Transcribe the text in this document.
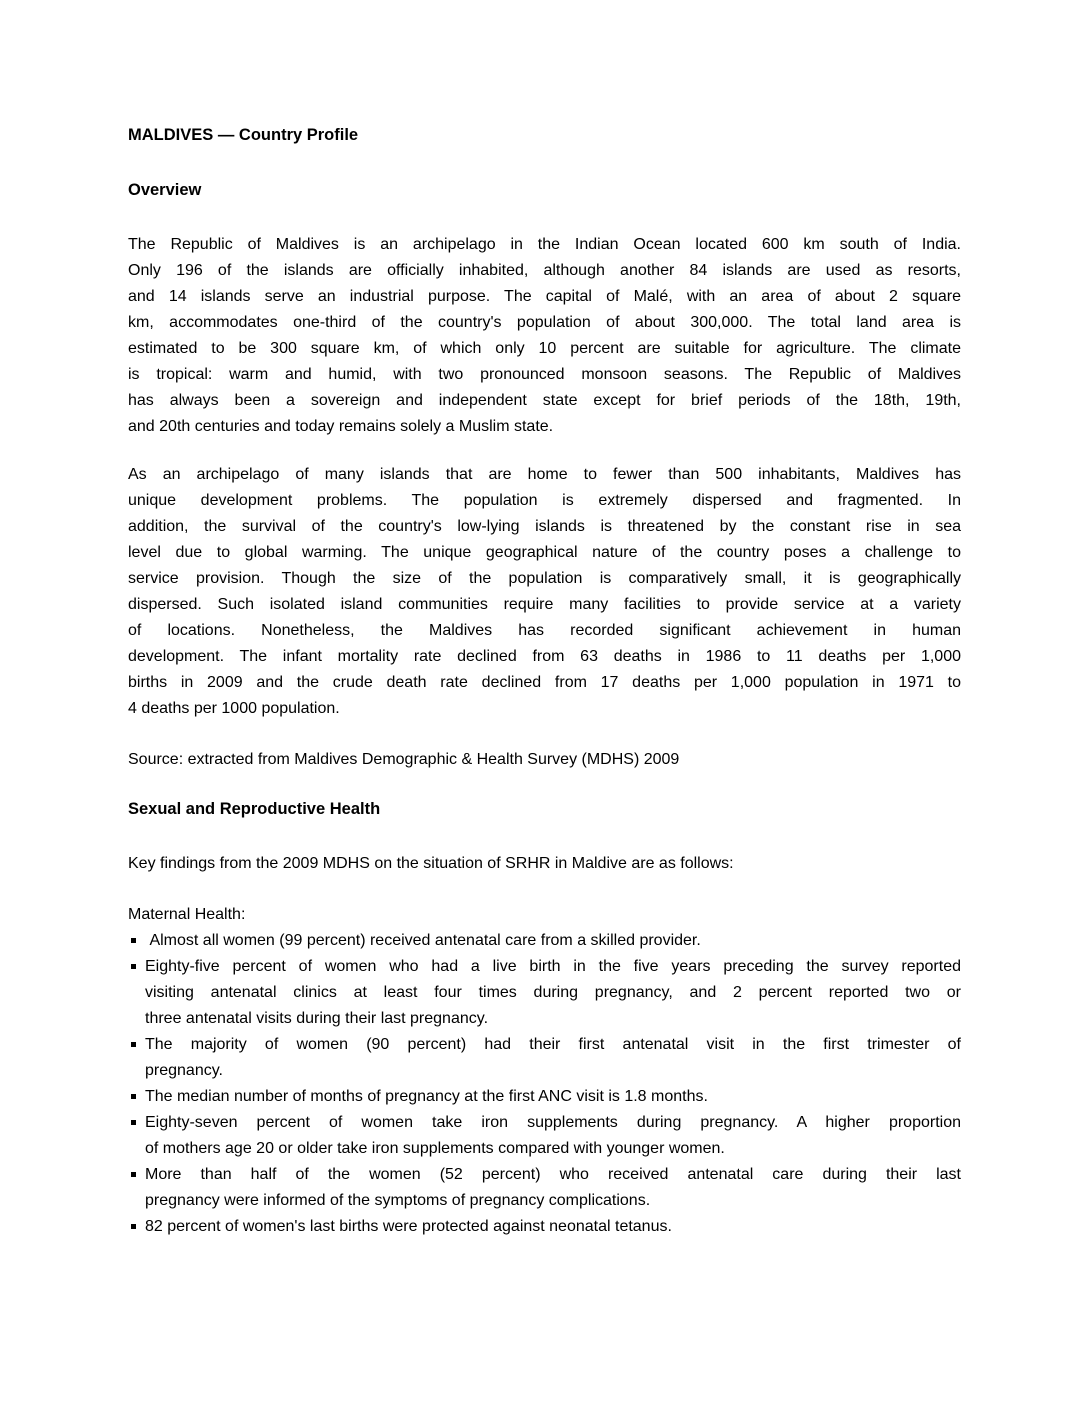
MALDIVES — Country Profile
Overview
The Republic of Maldives is an archipelago in the Indian Ocean located 600 km south of India.
Only 196 of the islands are officially inhabited, although another 84 islands are used as resorts,
and 14 islands serve an industrial purpose. The capital of Malé, with an area of about 2 square
km, accommodates one-third of the country's population of about 300,000. The total land area is
estimated to be 300 square km, of which only 10 percent are suitable for agriculture. The climate
is tropical: warm and humid, with two pronounced monsoon seasons. The Republic of Maldives
has always been a sovereign and independent state except for brief periods of the 18th, 19th,
and 20th centuries and today remains solely a Muslim state.
As an archipelago of many islands that are home to fewer than 500 inhabitants, Maldives has
unique development problems. The population is extremely dispersed and fragmented. In
addition, the survival of the country's low-lying islands is threatened by the constant rise in sea
level due to global warming. The unique geographical nature of the country poses a challenge to
service provision. Though the size of the population is comparatively small, it is geographically
dispersed. Such isolated island communities require many facilities to provide service at a variety
of locations. Nonetheless, the Maldives has recorded significant achievement in human
development. The infant mortality rate declined from 63 deaths in 1986 to 11 deaths per 1,000
births in 2009 and the crude death rate declined from 17 deaths per 1,000 population in 1971 to
4 deaths per 1000 population.

Source: extracted from Maldives Demographic & Health Survey (MDHS) 2009

Sexual and Reproductive Health

Key findings from the 2009 MDHS on the situation of SRHR in Maldive are as follows:

Maternal Health:

Almost all women (99 percent) received antenatal care from a skilled provider.
Eighty-five percent of women who had a live birth in the five years preceding the survey reported
visiting antenatal clinics at least four times during pregnancy, and 2 percent reported two or
three antenatal visits during their last pregnancy.
The majority of women (90 percent) had their first antenatal visit in the first trimester of
pregnancy.
The median number of months of pregnancy at the first ANC visit is 1.8 months.
Eighty-seven percent of women take iron supplements during pregnancy. A higher proportion
of mothers age 20 or older take iron supplements compared with younger women.
More than half of the women (52 percent) who received antenatal care during their last
pregnancy were informed of the symptoms of pregnancy complications.
82 percent of women's last births were protected against neonatal tetanus.
